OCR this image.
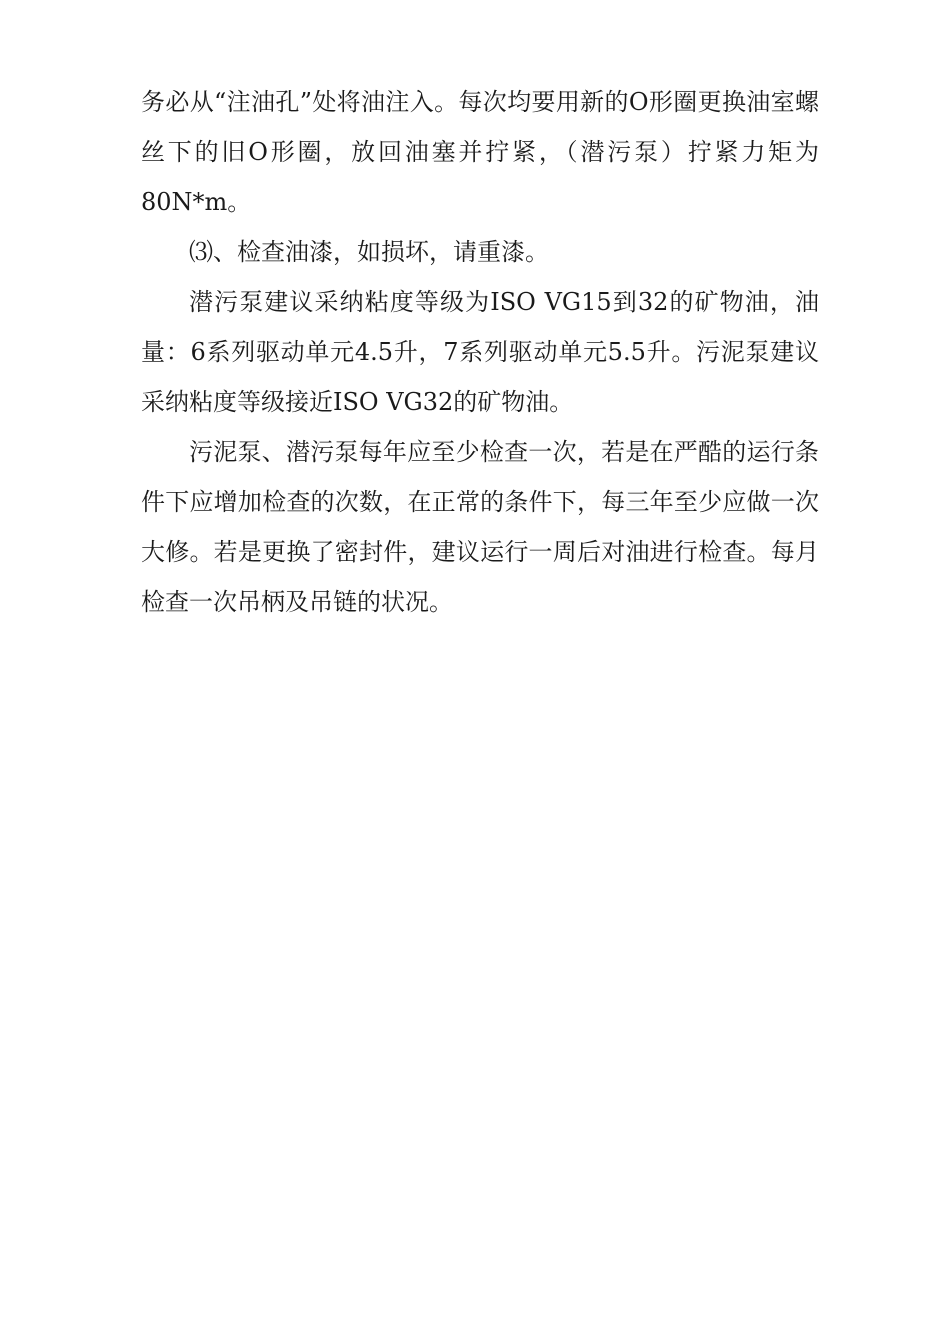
务必从“注油孔”处将油注入。每次均要用新的O形圈更换油室螺丝下的旧O形圈，放回油塞并拧紧，（潜污泵）拧紧力矩为80N*m。

⑶、检查油漆，如损坏，请重漆。

潜污泵建议采纳粘度等级为ISO VG15到32的矿物油，油量：6系列驱动单元4.5升，7系列驱动单元5.5升。污泥泵建议采纳粘度等级接近ISO VG32的矿物油。

污泥泵、潜污泵每年应至少检查一次，若是在严酷的运行条件下应增加检查的次数，在正常的条件下，每三年至少应做一次大修。若是更换了密封件，建议运行一周后对油进行检查。每月检查一次吊柄及吊链的状况。
